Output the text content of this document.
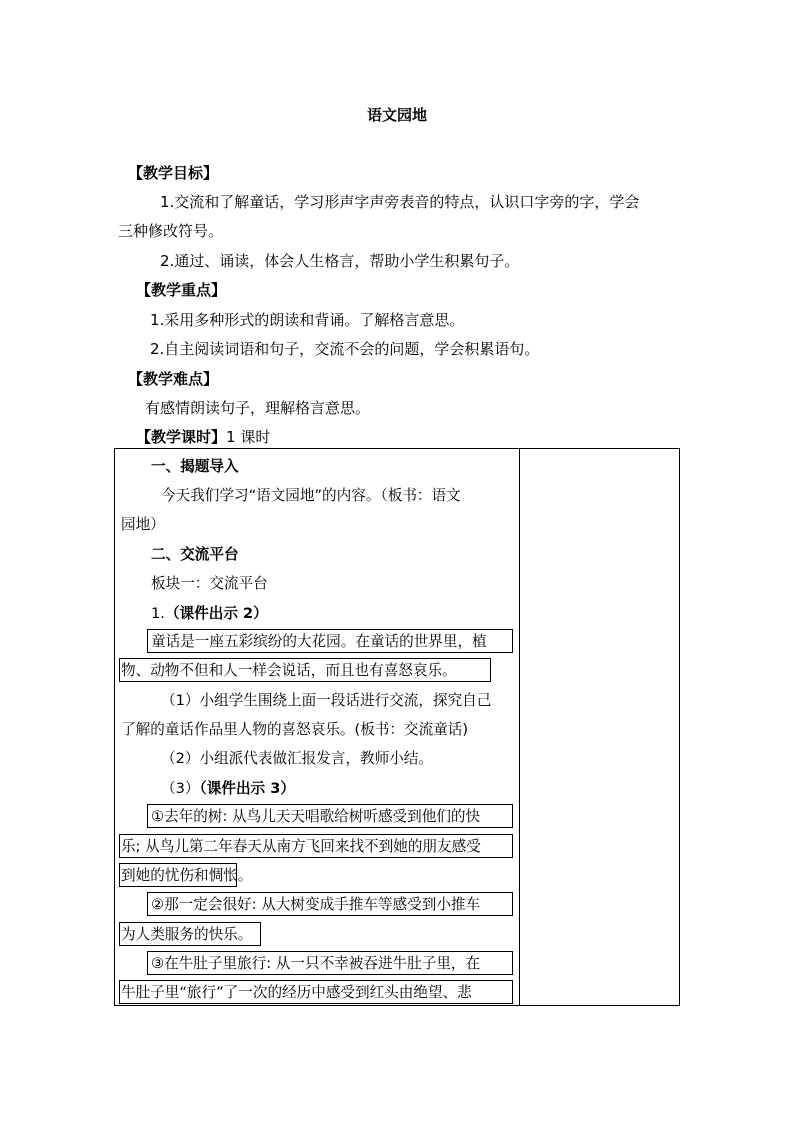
语文园地
【教学目标】
1.交流和了解童话，学习形声字声旁表音的特点，认识口字旁的字，学会
三种修改符号。
2.通过、诵读，体会人生格言，帮助小学生积累句子。
【教学重点】
1.采用多种形式的朗读和背诵。了解格言意思。
2.自主阅读词语和句子，交流不会的问题，学会积累语句。
【教学难点】
有感情朗读句子，理解格言意思。
【教学课时】1 课时
一、揭题导入
今天我们学习“语文园地”的内容。（板书：语文
园地）
二、交流平台
板块一：交流平台
1.（课件出示 2）
童话是一座五彩缤纷的大花园。在童话的世界里，植
物、动物不但和人一样会说话，而且也有喜怒哀乐。
（1）小组学生围绕上面一段话进行交流，探究自己
了解的童话作品里人物的喜怒哀乐。(板书：交流童话)
（2）小组派代表做汇报发言，教师小结。
（3）（课件出示 3）
①去年的树: 从鸟儿天天唱歌给树听感受到他们的快
乐; 从鸟儿第二年春天从南方飞回来找不到她的朋友感受
到她的忧伤和惆怅。
②那一定会很好: 从大树变成手推车等感受到小推车
为人类服务的快乐。
③在牛肚子里旅行: 从一只不幸被吞进牛肚子里，在
牛肚子里“旅行”了一次的经历中感受到红头由绝望、悲
